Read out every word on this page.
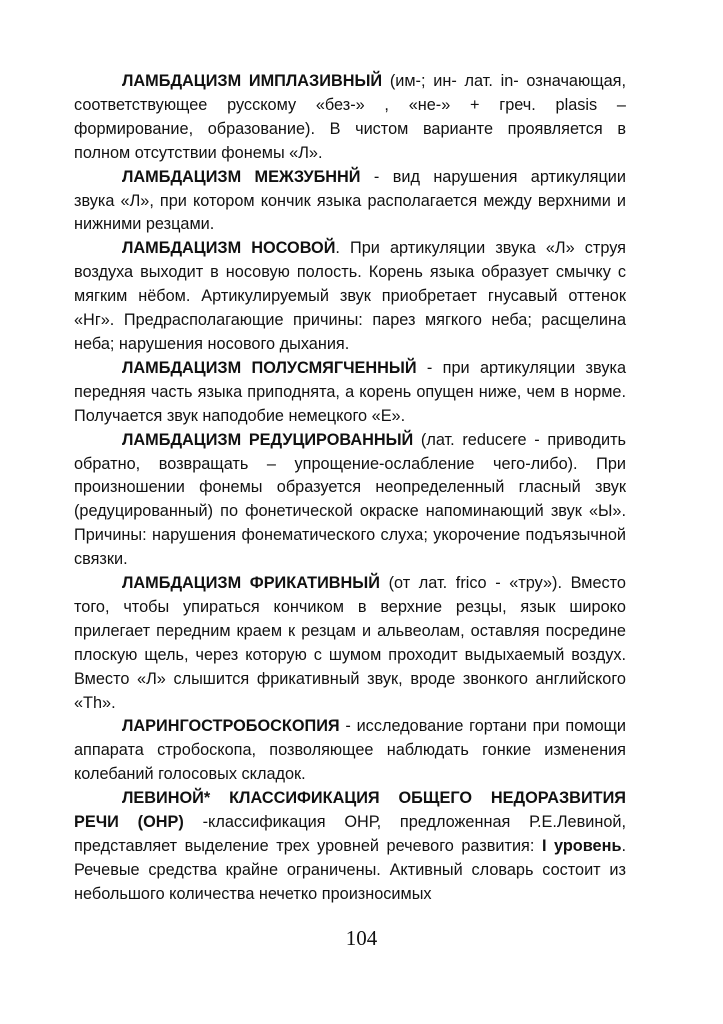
ЛАМБДАЦИЗМ ИМПЛАЗИВНЫЙ (им-; ин- лат. in- означающая, соответствующее русскому «без-» , «не-» + греч. plasis – формирование, образование). В чистом варианте проявляется в полном отсутствии фонемы «Л».

ЛАМБДАЦИЗМ МЕЖЗУБННЙ - вид нарушения артикуляции звука «Л», при котором кончик языка располагается между верхними и нижними резцами.

ЛАМБДАЦИЗМ НОСОВОЙ. При артикуляции звука «Л» струя воздуха выходит в носовую полость. Корень языка образует смычку с мягким нёбом. Артикулируемый звук приобретает гнусавый оттенок «Нг». Предрасполагающие причины: парез мягкого неба; расщелина неба; нарушения носового дыхания.

ЛАМБДАЦИЗМ ПОЛУСМЯГЧЕННЫЙ - при артикуляции звука передняя часть языка приподнята, а корень опущен ниже, чем в норме. Получается звук наподобие немецкого «Е».

ЛАМБДАЦИЗМ РЕДУЦИРОВАННЫЙ (лат. reducere - приводить обратно, возвращать – упрощение-ослабление чего-либо). При произношении фонемы образуется неопределенный гласный звук (редуцированный) по фонетической окраске напоминающий звук «Ы». Причины: нарушения фонематического слуха; укорочение подъязычной связки.

ЛАМБДАЦИЗМ ФРИКАТИВНЫЙ (от лат. frico - «тру»). Вместо того, чтобы упираться кончиком в верхние резцы, язык широко прилегает передним краем к резцам и альвеолам, оставляя посредине плоскую щель, через которую с шумом проходит выдыхаемый воздух. Вместо «Л» слышится фрикативный звук, вроде звонкого английского «Th».

ЛАРИНГОСТРОБОСКОПИЯ - исследование гортани при помощи аппарата стробоскопа, позволяющее наблюдать гонкие изменения колебаний голосовых складок.

ЛЕВИНОЙ* КЛАССИФИКАЦИЯ ОБЩЕГО НЕДОРАЗВИТИЯ РЕЧИ (ОНР) -классификация ОНР, предложенная Р.Е.Левиной, представляет выделение трех уровней речевого развития: I уровень. Речевые средства крайне ограничены. Активный словарь состоит из небольшого количества нечетко произносимых

104
